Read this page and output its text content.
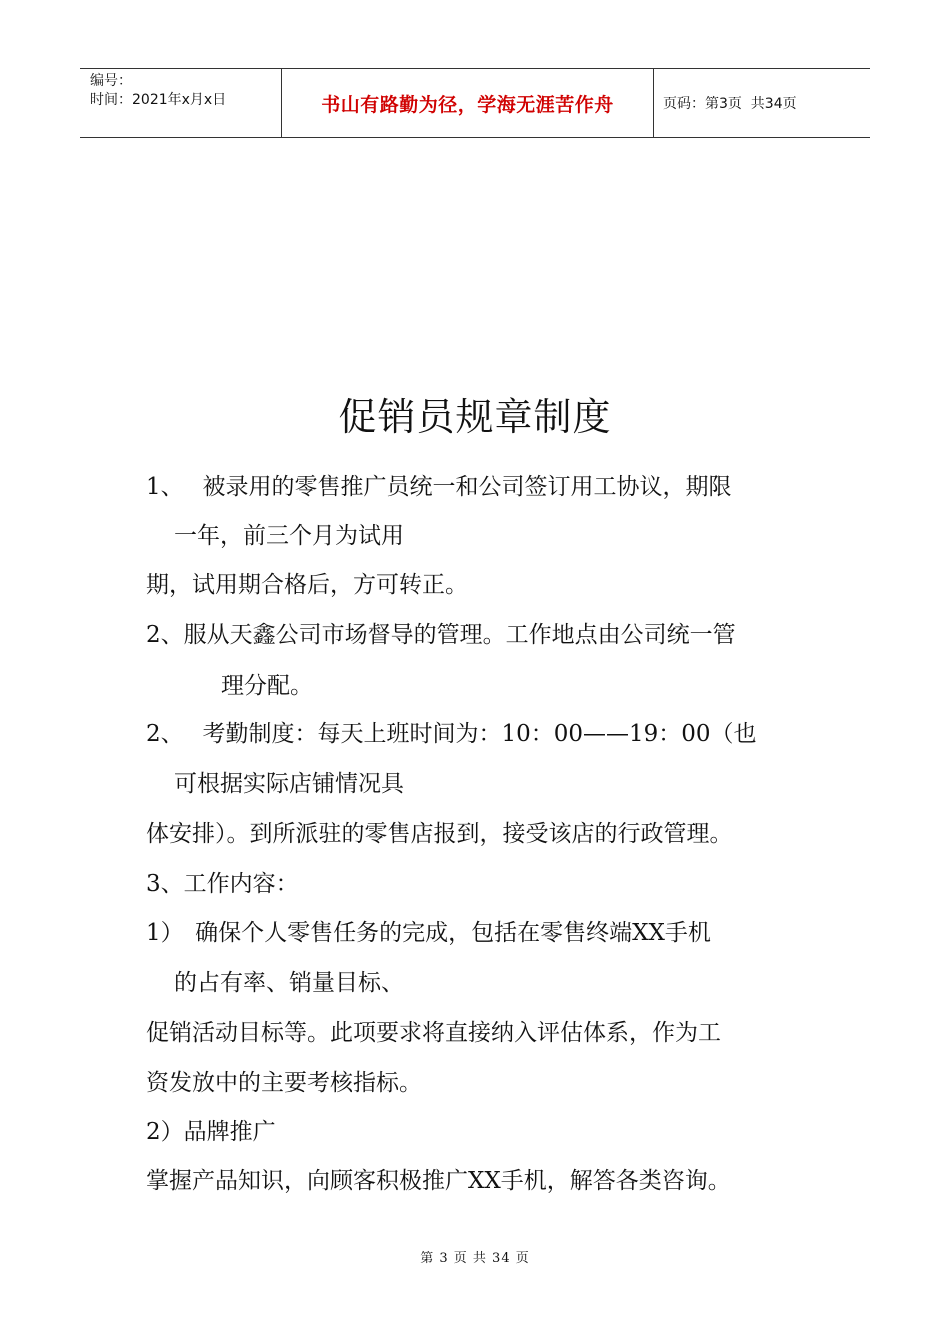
编号：
时间：2021年x月x日	书山有路勤为径，学海无涯苦作舟	页码：第3页  共34页
促销员规章制度
1、　 被录用的零售推广员统一和公司签订用工协议，期限
一年，前三个月为试用
期，试用期合格后，方可转正。
2、服从天鑫公司市场督导的管理。工作地点由公司统一管
理分配。
2、　 考勤制度：每天上班时间为：10：00——19：00（也
可根据实际店铺情况具
体安排）。到所派驻的零售店报到，接受该店的行政管理。
3、工作内容：
1）　确保个人零售任务的完成，包括在零售终端XX手机
的占有率、销量目标、
促销活动目标等。此项要求将直接纳入评估体系，作为工
资发放中的主要考核指标。
2）品牌推广
掌握产品知识，向顾客积极推广XX手机，解答各类咨询。
第 3 页 共 34 页
